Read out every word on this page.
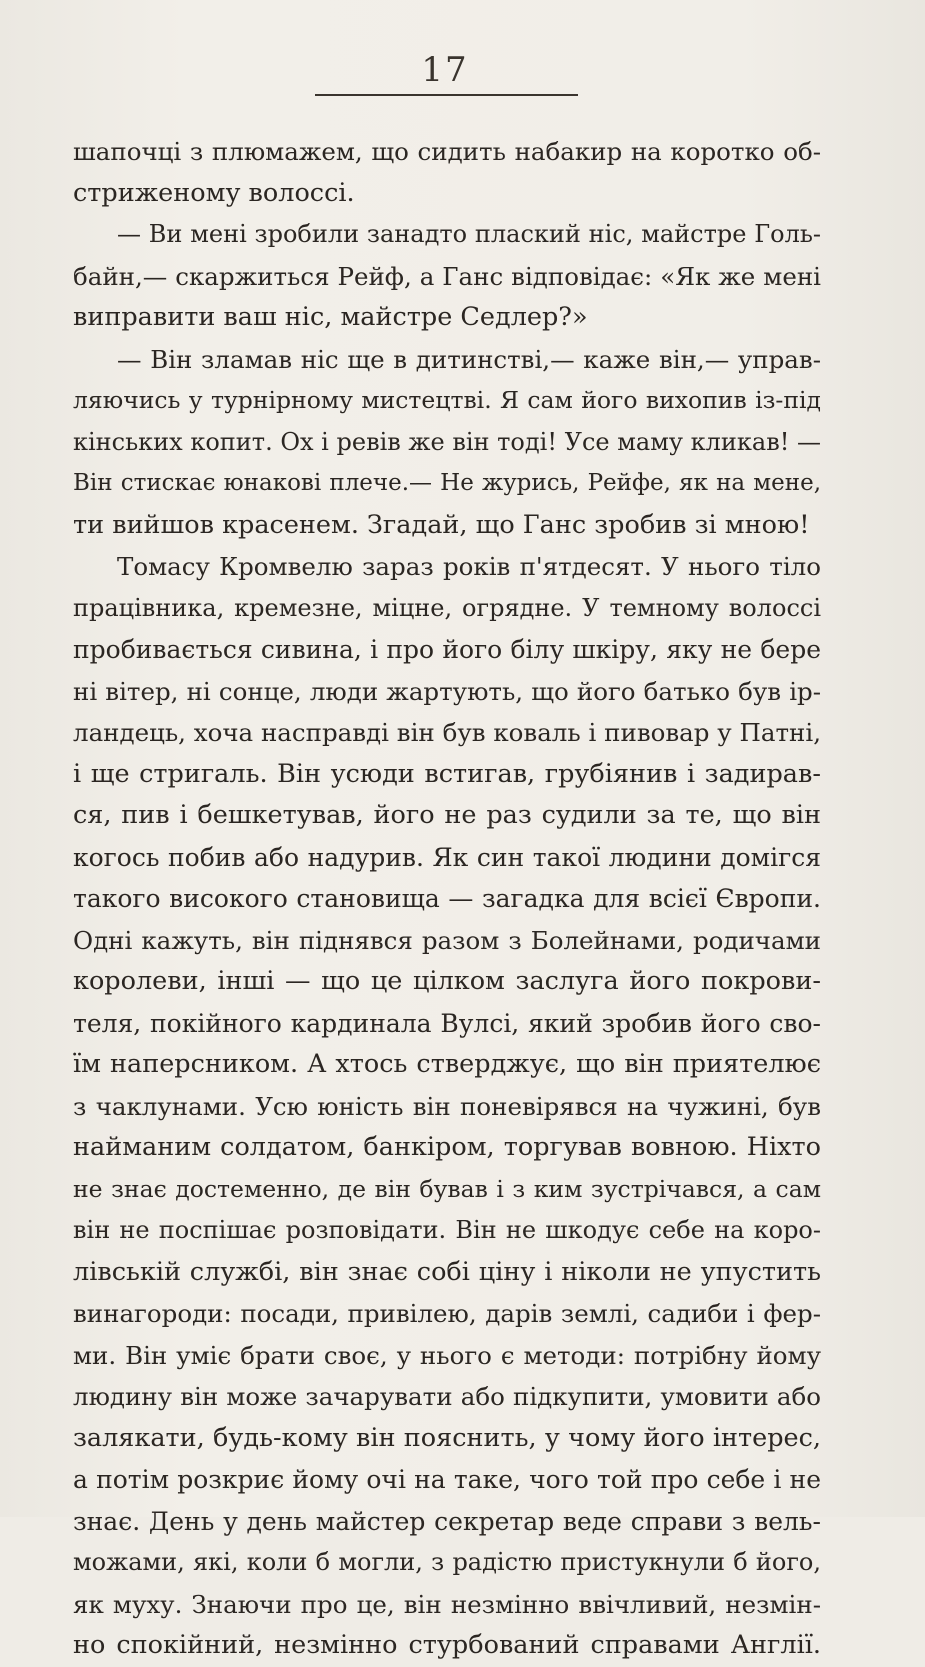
17
шапочці з плюмажем, що сидить набакир на коротко об-
стриженому волоссі.
— Ви мені зробили занадто плаский ніс, майстре Голь-
байн,— скаржиться Рейф, а Ганс відповідає: «Як же мені
виправити ваш ніс, майстре Седлер?»
— Він зламав ніс ще в дитинстві,— каже він,— управ-
ляючись у турнірному мистецтві. Я сам його вихопив із-під
кінських копит. Ох і ревів же він тоді! Усе маму кликав! —
Він стискає юнакові плече.— Не журись, Рейфе, як на мене,
ти вийшов красенем. Згадай, що Ганс зробив зі мною!
Томасу Кромвелю зараз років п'ятдесят. У нього тіло
працівника, кремезне, міцне, огрядне. У темному волоссі
пробивається сивина, і про його білу шкіру, яку не бере
ні вітер, ні сонце, люди жартують, що його батько був ір-
ландець, хоча насправді він був коваль і пивовар у Патні,
і ще стригаль. Він усюди встигав, грубіянив і задирав-
ся, пив і бешкетував, його не раз судили за те, що він
когось побив або надурив. Як син такої людини домігся
такого високого становища — загадка для всієї Європи.
Одні кажуть, він піднявся разом з Болейнами, родичами
королеви, інші — що це цілком заслуга його покрови-
теля, покійного кардинала Вулсі, який зробив його сво-
їм наперсником. А хтось стверджує, що він приятелює
з чаклунами. Усю юність він поневірявся на чужині, був
найманим солдатом, банкіром, торгував вовною. Ніхто
не знає достеменно, де він бував і з ким зустрічався, а сам
він не поспішає розповідати. Він не шкодує себе на коро-
лівській службі, він знає собі ціну і ніколи не упустить
винагороди: посади, привілею, дарів землі, садиби і фер-
ми. Він уміє брати своє, у нього є методи: потрібну йому
людину він може зачарувати або підкупити, умовити або
залякати, будь-кому він пояснить, у чому його інтерес,
а потім розкриє йому очі на таке, чого той про себе і не
знає. День у день майстер секретар веде справи з вель-
можами, які, коли б могли, з радістю пристукнули б його,
як муху. Знаючи про це, він незмінно ввічливий, незмін-
но спокійний, незмінно стурбований справами Англії.
